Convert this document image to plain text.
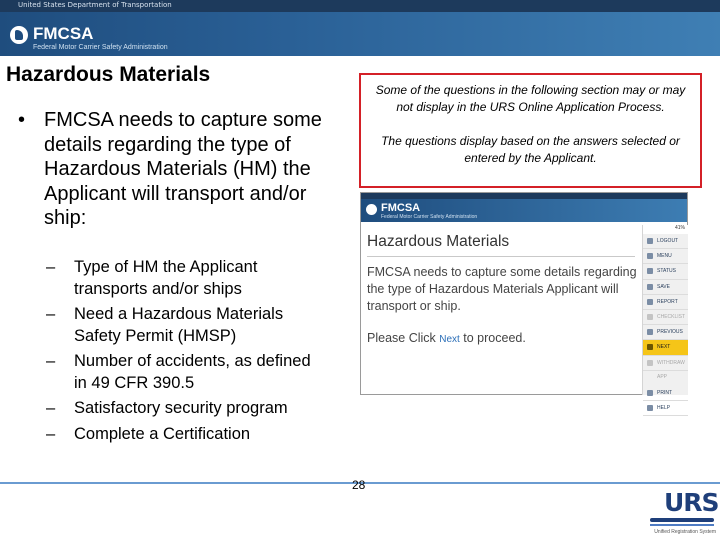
United States Department of Transportation
FMCSA
Federal Motor Carrier Safety Administration
Hazardous Materials
• FMCSA needs to capture some details regarding the type of Hazardous Materials (HM) the Applicant will transport and/or ship:
– Type of HM the Applicant transports and/or ships
– Need a Hazardous Materials Safety Permit (HMSP)
– Number of accidents, as defined in 49 CFR 390.5
– Satisfactory security program
– Complete a Certification

Some of the questions in the following section may or may not display in the URS Online Application Process.

The questions display based on the answers selected or entered by the Applicant.

FMCSA
Federal Motor Carrier Safety Administration
Hazardous Materials
FMCSA needs to capture some details regarding the type of Hazardous Materials Applicant will transport or ship.
Please Click Next to proceed.
41%
LOGOUT
MENU
STATUS
SAVE
REPORT
CHECKLIST
PREVIOUS
NEXT
WITHDRAW APP
PRINT
HELP
28
URS
Unified Registration System
